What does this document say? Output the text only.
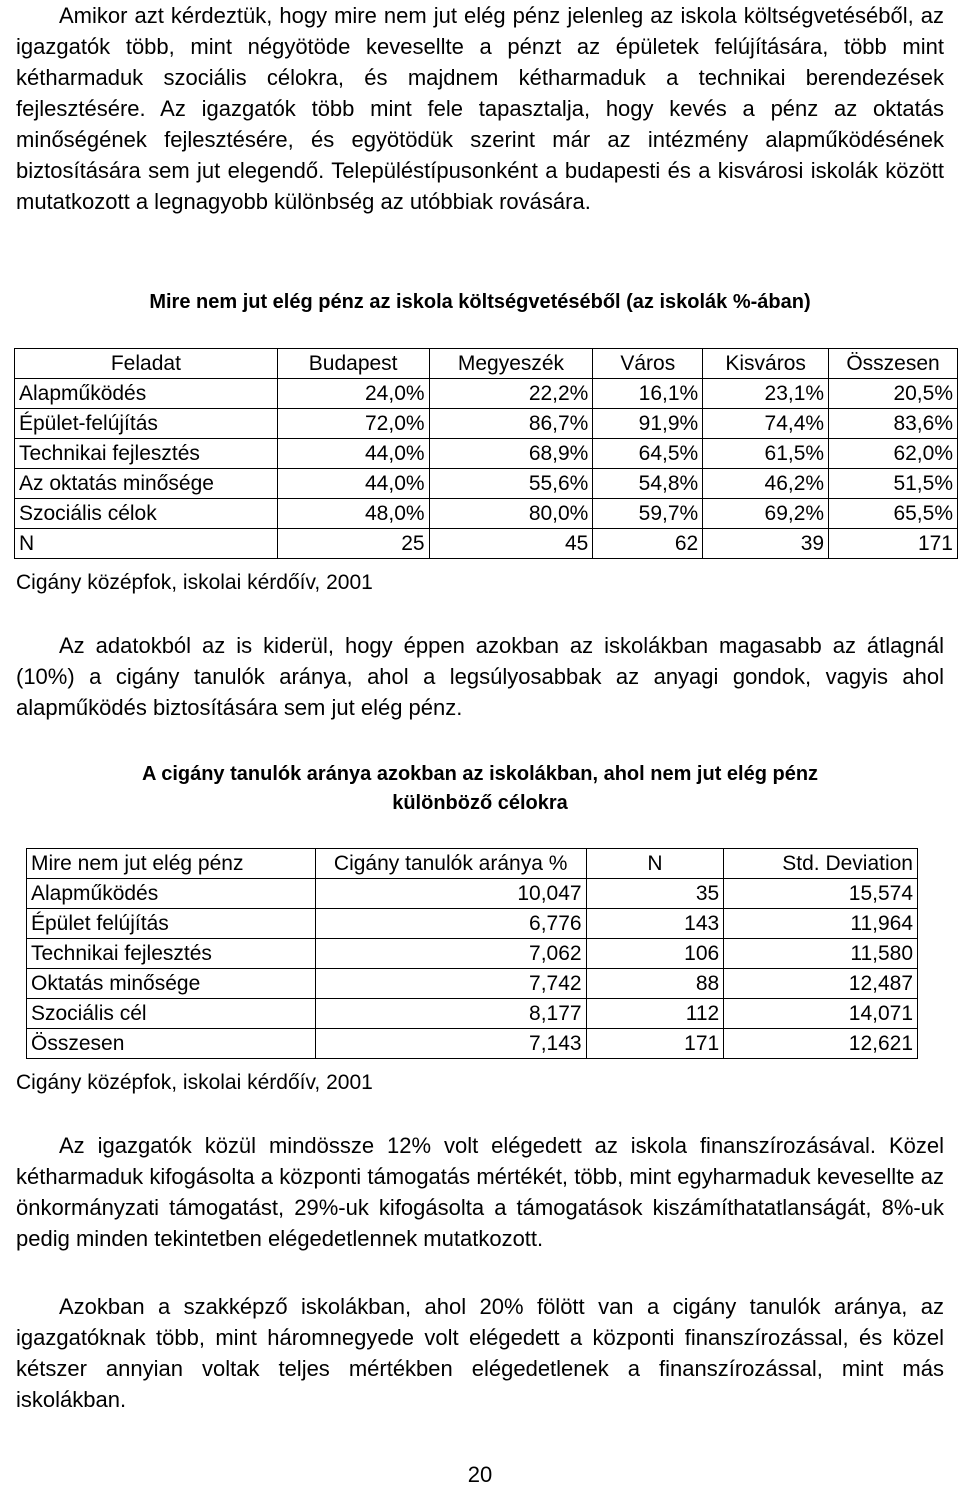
Amikor azt kérdeztük, hogy mire nem jut elég pénz jelenleg az iskola költségvetéséből, az igazgatók több, mint négyötöde kevesellte a pénzt az épületek felújítására, több mint kétharmaduk szociális célokra, és majdnem kétharmaduk a technikai berendezések fejlesztésére. Az igazgatók több mint fele tapasztalja, hogy kevés a pénz az oktatás minőségének fejlesztésére, és egyötödük szerint már az intézmény alapműködésének biztosítására sem jut elegendő. Településtípusonként a budapesti és a kisvárosi iskolák között mutatkozott a legnagyobb különbség az utóbbiak rovására.

Mire nem jut elég pénz az iskola költségvetéséből (az iskolák %-ában)

Feladat	Budapest	Megyeszék	Város	Kisváros	Összesen
Alapműködés	24,0%	22,2%	16,1%	23,1%	20,5%
Épület-felújítás	72,0%	86,7%	91,9%	74,4%	83,6%
Technikai fejlesztés	44,0%	68,9%	64,5%	61,5%	62,0%
Az oktatás minősége	44,0%	55,6%	54,8%	46,2%	51,5%
Szociális célok	48,0%	80,0%	59,7%	69,2%	65,5%
N	25	45	62	39	171

Cigány középfok, iskolai kérdőív, 2001

Az adatokból az is kiderül, hogy éppen azokban az iskolákban magasabb az átlagnál (10%) a cigány tanulók aránya, ahol a legsúlyosabbak az anyagi gondok, vagyis ahol alapműködés biztosítására sem jut elég pénz.

A cigány tanulók aránya azokban az iskolákban, ahol nem jut elég pénz

különböző célokra

Mire nem jut elég pénz	Cigány tanulók aránya %	N	Std. Deviation
Alapműködés	10,047	35	15,574
Épület felújítás	6,776	143	11,964
Technikai fejlesztés	7,062	106	11,580
Oktatás minősége	7,742	88	12,487
Szociális cél	8,177	112	14,071
Összesen	7,143	171	12,621

Cigány középfok, iskolai kérdőív, 2001

Az igazgatók közül mindössze 12% volt elégedett az iskola finanszírozásával. Közel kétharmaduk kifogásolta a központi támogatás mértékét, több, mint egyharmaduk kevesellte az önkormányzati támogatást, 29%-uk kifogásolta a támogatások kiszámíthatatlanságát, 8%-uk pedig minden tekintetben elégedetlennek mutatkozott.

Azokban a szakképző iskolákban, ahol 20% fölött van a cigány tanulók aránya, az igazgatóknak több, mint háromnegyede volt elégedett a központi finanszírozással, és közel kétszer annyian voltak teljes mértékben elégedetlenek a finanszírozással, mint más iskolákban.

20
